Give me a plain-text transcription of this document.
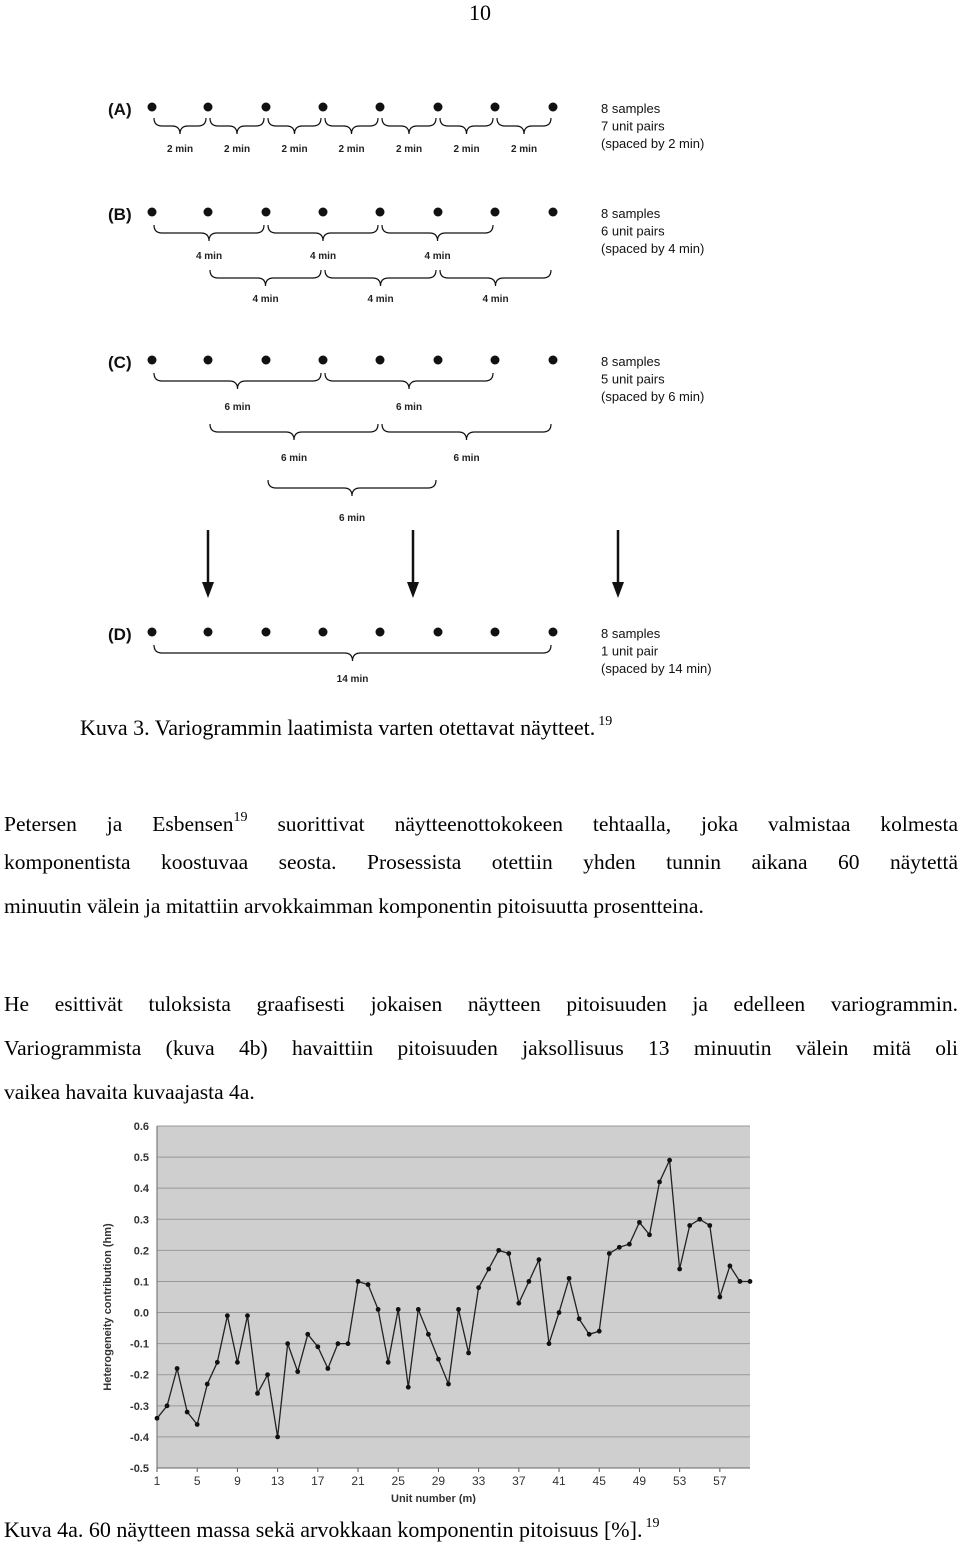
10
(A)	8 samples
7 unit pairs
(spaced by 2 min)
(B)	8 samples
6 unit pairs
(spaced by 4 min)
(C)	8 samples
5 unit pairs
(spaced by 6 min)
(D)	8 samples
1 unit pair
(spaced by 14 min)
2 min	2 min	2 min	2 min	2 min	2 min	2 min
4 min	4 min	4 min
4 min	4 min	4 min
6 min	6 min
6 min	6 min
6 min
14 min
Kuva 3. Variogrammin laatimista varten otettavat näytteet. $^{19}$
Petersen ja Esbensen$^{19}$ suorittivat näytteenottokokeen tehtaalla, joka valmistaa kolmesta
komponentista koostuvaa seosta. Prosessista otettiin yhden tunnin aikana 60 näytettä
minuutin välein ja mitattiin arvokkaimman komponentin pitoisuutta prosentteina.
He esittivät tuloksista graafisesti jokaisen näytteen pitoisuuden ja edelleen variogrammin.
Variogrammista (kuva 4b) havaittiin pitoisuuden jaksollisuus 13 minuutin välein mitä oli
vaikea havaita kuvaajasta 4a.
0.6
0.5
0.4
0.3
0.2
0.1
0.0
-0.1
-0.2
-0.3
-0.4
-0.5
1	5	9	13 17 21 25 29 33 37 41 45 49 53 57
Unit number (m)
Heterogeneity contribution (hm)
Kuva 4a. 60 näytteen massa sekä arvokkaan komponentin pitoisuus [%]. $^{19}$
